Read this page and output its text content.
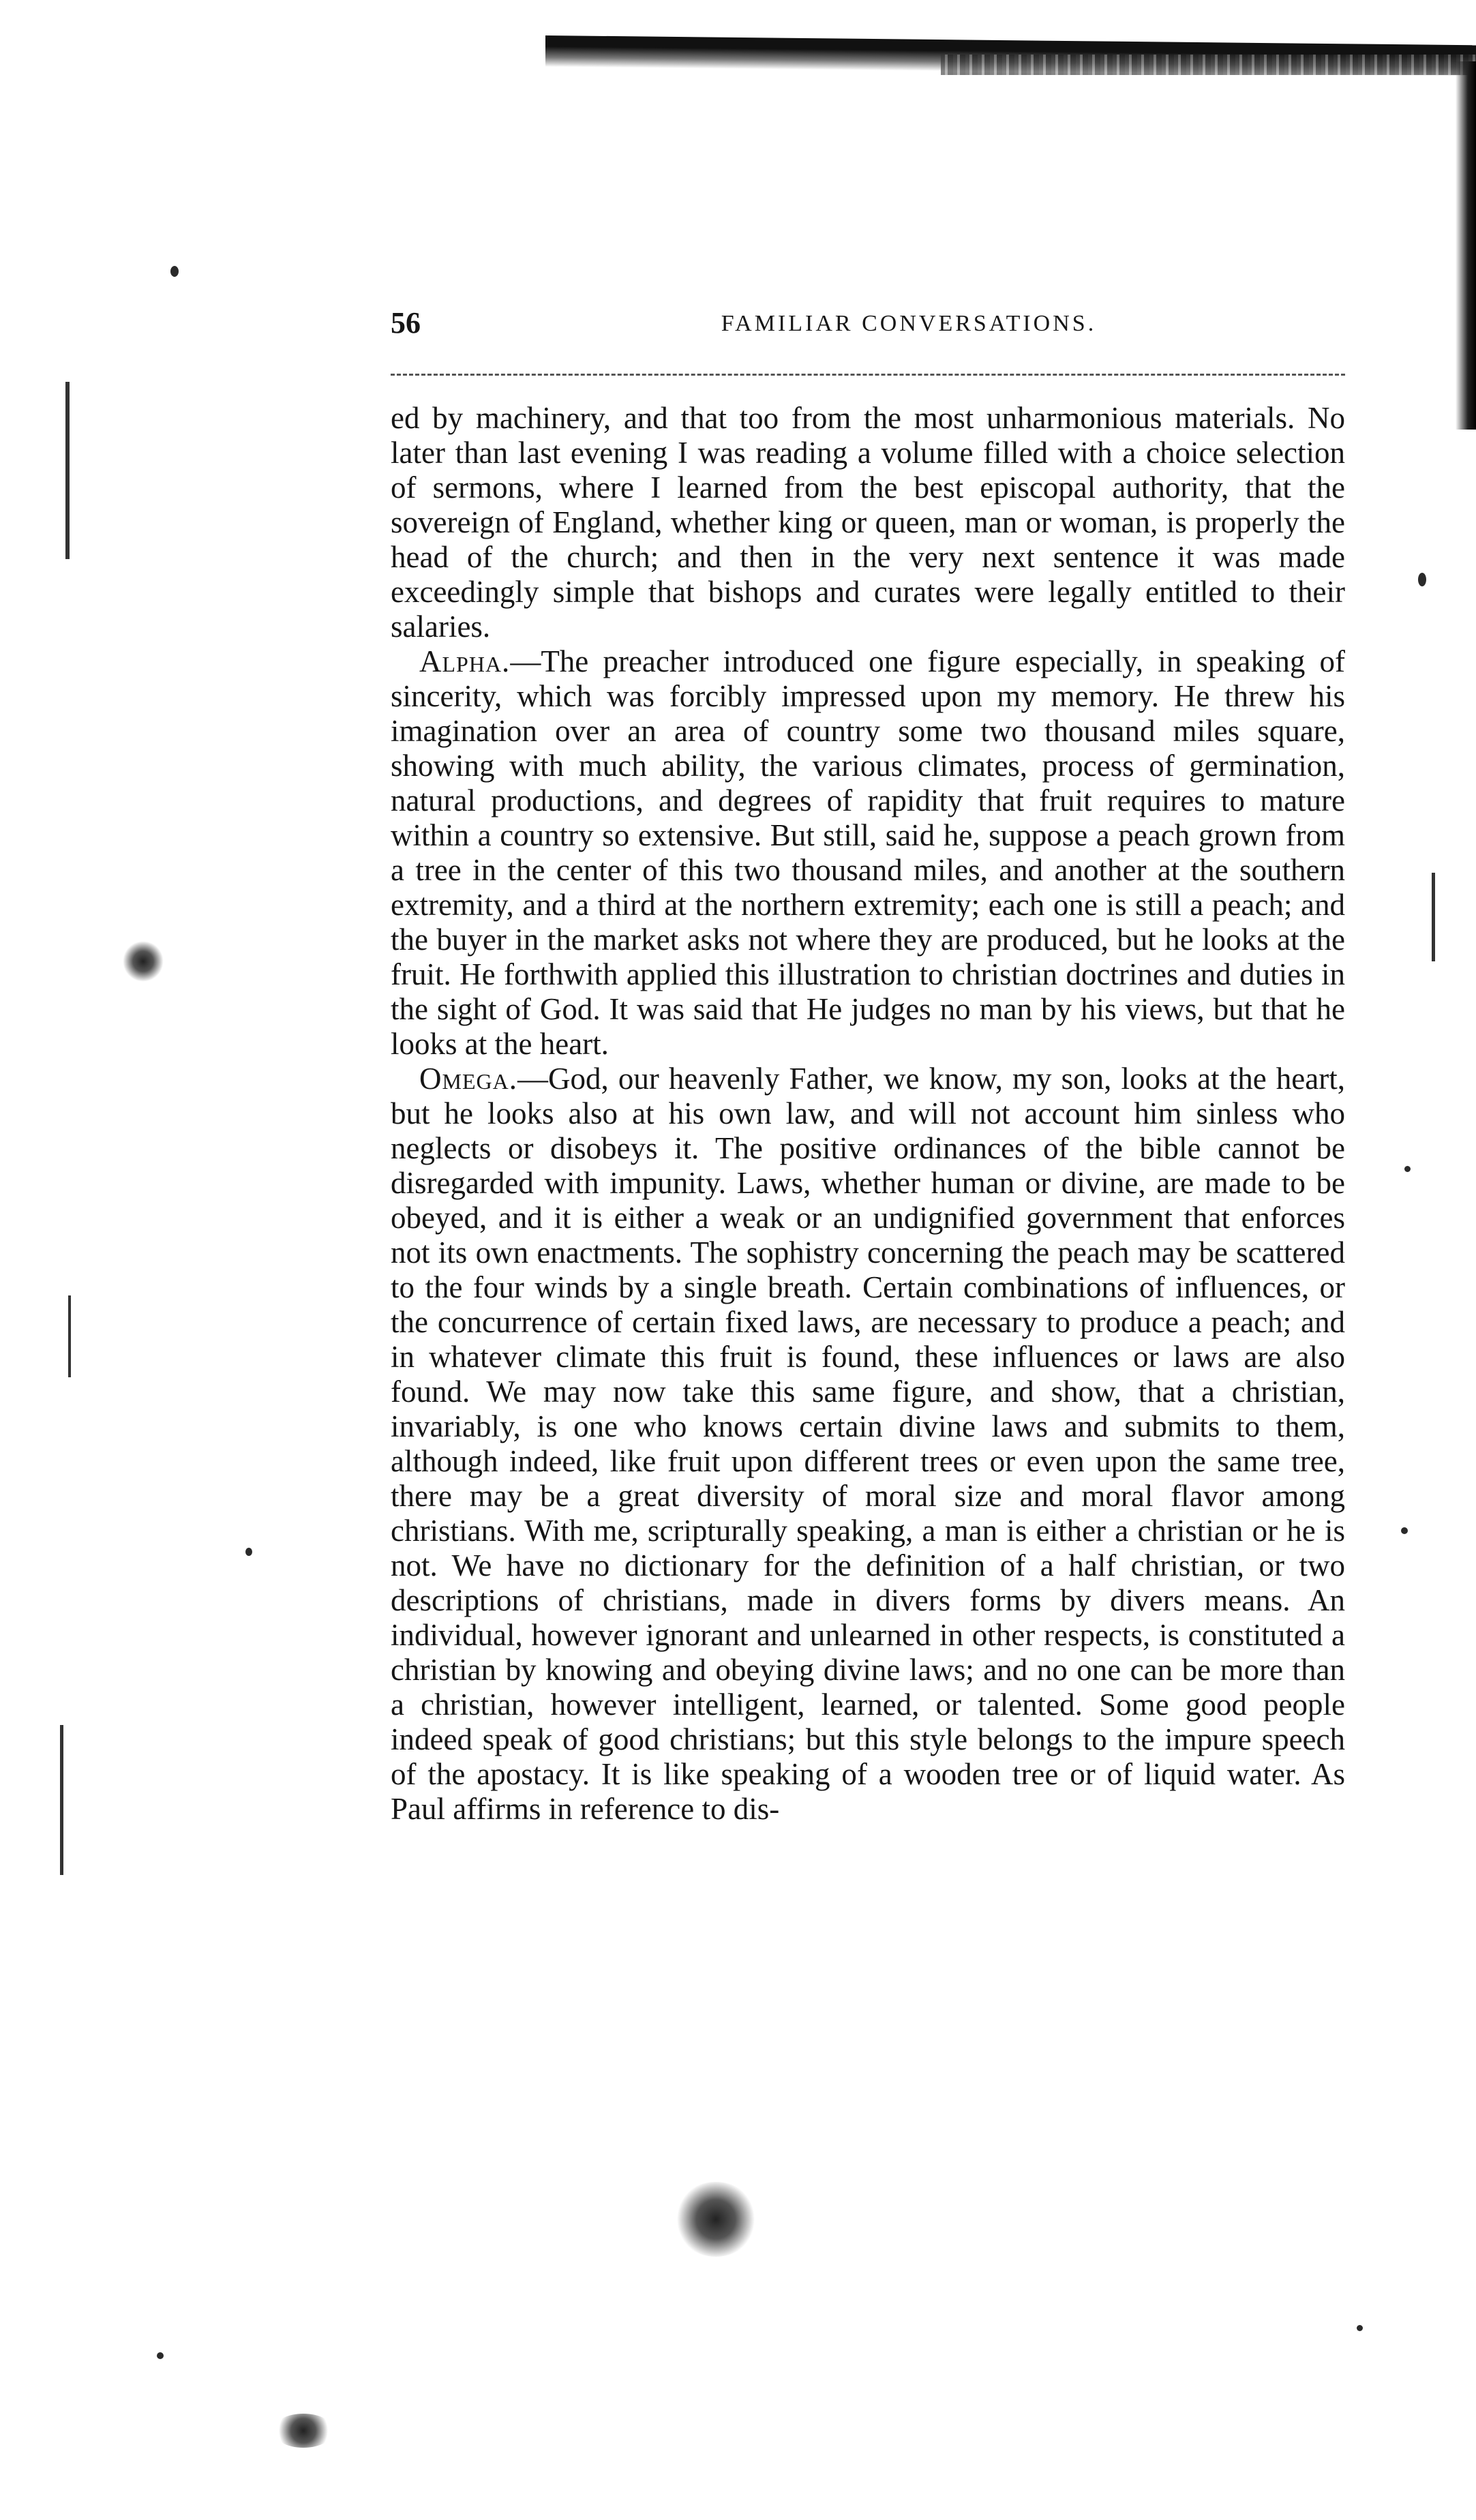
56	FAMILIAR CONVERSATIONS.

ed by machinery, and that too from the most unharmonious materials. No later than last evening I was reading a volume filled with a choice selection of sermons, where I learned from the best episcopal authority, that the sovereign of England, whether king or queen, man or woman, is properly the head of the church; and then in the very next sentence it was made exceedingly simple that bishops and curates were legally entitled to their salaries.

Alpha.—The preacher introduced one figure especially, in speaking of sincerity, which was forcibly impressed upon my memory. He threw his imagination over an area of country some two thousand miles square, showing with much ability, the various climates, process of germination, natural productions, and degrees of rapidity that fruit requires to mature within a country so extensive. But still, said he, suppose a peach grown from a tree in the center of this two thousand miles, and another at the southern extremity, and a third at the northern extremity; each one is still a peach; and the buyer in the market asks not where they are produced, but he looks at the fruit. He forthwith applied this illustration to christian doctrines and duties in the sight of God. It was said that He judges no man by his views, but that he looks at the heart.

Omega.—God, our heavenly Father, we know, my son, looks at the heart, but he looks also at his own law, and will not account him sinless who neglects or disobeys it. The positive ordinances of the bible cannot be disregarded with impunity. Laws, whether human or divine, are made to be obeyed, and it is either a weak or an undignified government that enforces not its own enactments. The sophistry concerning the peach may be scattered to the four winds by a single breath. Certain combinations of influences, or the concurrence of certain fixed laws, are necessary to produce a peach; and in whatever climate this fruit is found, these influences or laws are also found. We may now take this same figure, and show, that a christian, invariably, is one who knows certain divine laws and submits to them, although indeed, like fruit upon different trees or even upon the same tree, there may be a great diversity of moral size and moral flavor among christians. With me, scripturally speaking, a man is either a christian or he is not. We have no dictionary for the definition of a half christian, or two descriptions of christians, made in divers forms by divers means. An individual, however ignorant and unlearned in other respects, is constituted a christian by knowing and obeying divine laws; and no one can be more than a christian, however intelligent, learned, or talented. Some good people indeed speak of good christians; but this style belongs to the impure speech of the apostacy. It is like speaking of a wooden tree or of liquid water. As Paul affirms in reference to dis-
